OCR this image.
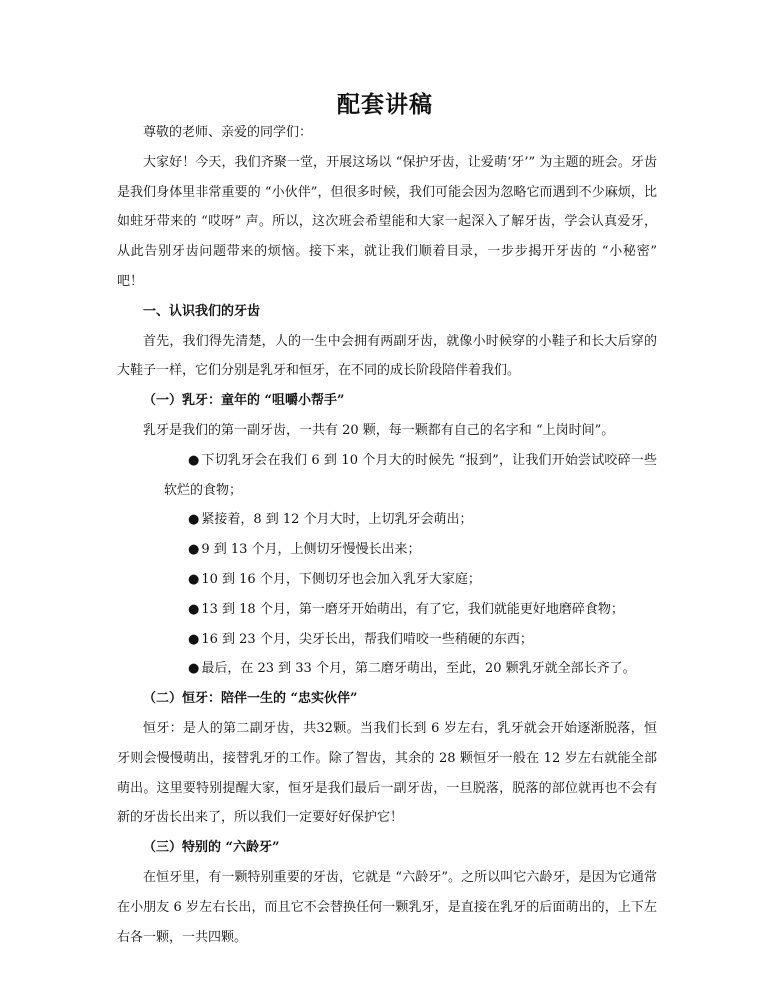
配套讲稿

尊敬的老师、亲爱的同学们：

大家好！今天，我们齐聚一堂，开展这场以 “保护牙齿，让爱萌‘牙’” 为主题的班会。牙齿是我们身体里非常重要的 “小伙伴”，但很多时候，我们可能会因为忽略它而遇到不少麻烦，比如蛀牙带来的 “哎呀” 声。所以，这次班会希望能和大家一起深入了解牙齿，学会认真爱牙，从此告别牙齿问题带来的烦恼。接下来，就让我们顺着目录，一步步揭开牙齿的 “小秘密” 吧！

一、认识我们的牙齿

首先，我们得先清楚，人的一生中会拥有两副牙齿，就像小时候穿的小鞋子和长大后穿的大鞋子一样，它们分别是乳牙和恒牙，在不同的成长阶段陪伴着我们。

（一）乳牙：童年的 “咀嚼小帮手”

乳牙是我们的第一副牙齿，一共有 20 颗，每一颗都有自己的名字和 “上岗时间”。

● 下切乳牙会在我们 6 到 10 个月大的时候先 “报到”，让我们开始尝试咬碎一些软烂的食物；

● 紧接着，8 到 12 个月大时，上切乳牙会萌出；

● 9 到 13 个月，上侧切牙慢慢长出来；

● 10 到 16 个月，下侧切牙也会加入乳牙大家庭；

● 13 到 18 个月，第一磨牙开始萌出，有了它，我们就能更好地磨碎食物；

● 16 到 23 个月，尖牙长出，帮我们啃咬一些稍硬的东西；

● 最后，在 23 到 33 个月，第二磨牙萌出，至此，20 颗乳牙就全部长齐了。

（二）恒牙：陪伴一生的 “忠实伙伴”

恒牙：是人的第二副牙齿，共32颗。当我们长到 6 岁左右，乳牙就会开始逐渐脱落，恒牙则会慢慢萌出，接替乳牙的工作。除了智齿，其余的 28 颗恒牙一般在 12 岁左右就能全部萌出。这里要特别提醒大家，恒牙是我们最后一副牙齿，一旦脱落，脱落的部位就再也不会有新的牙齿长出来了，所以我们一定要好好保护它！

（三）特别的 “六龄牙”

在恒牙里，有一颗特别重要的牙齿，它就是 “六龄牙”。之所以叫它六龄牙，是因为它通常在小朋友 6 岁左右长出，而且它不会替换任何一颗乳牙，是直接在乳牙的后面萌出的，上下左右各一颗，一共四颗。
